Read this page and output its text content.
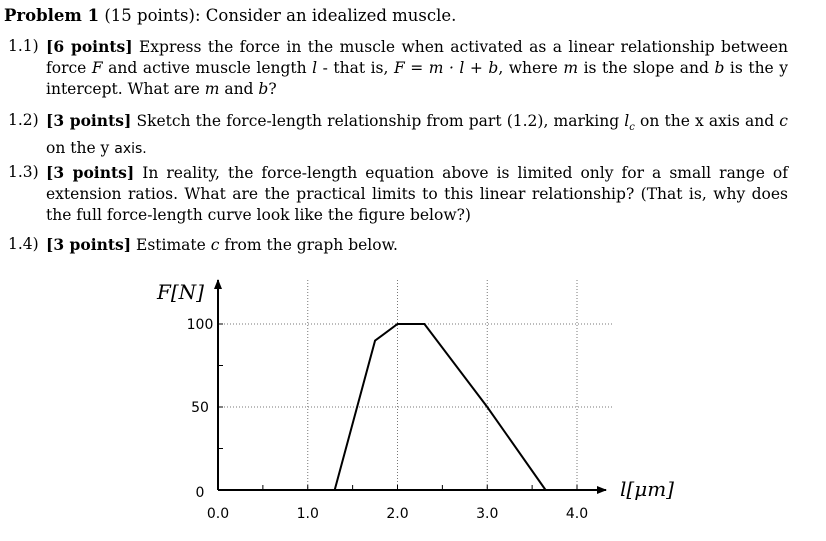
Problem 1 (15 points): Consider an idealized muscle.
1.1) [6 points] Express the force in the muscle when activated as a linear relationship between force F and active muscle length l - that is, F = m · l + b, where m is the slope and b is the y intercept. What are m and b?
1.2) [3 points] Sketch the force-length relationship from part (1.2), marking $l_c$ on the x axis and c on the y axis.
1.3) [3 points] In reality, the force-length equation above is limited only for a small range of extension ratios. What are the practical limits to this linear relationship? (That is, why does the full force-length curve look like the figure below?)
1.4) [3 points] Estimate c from the graph below.
0.0	1.0	2.0	3.0	4.0
100
50
0
F[N]
l[μm]
